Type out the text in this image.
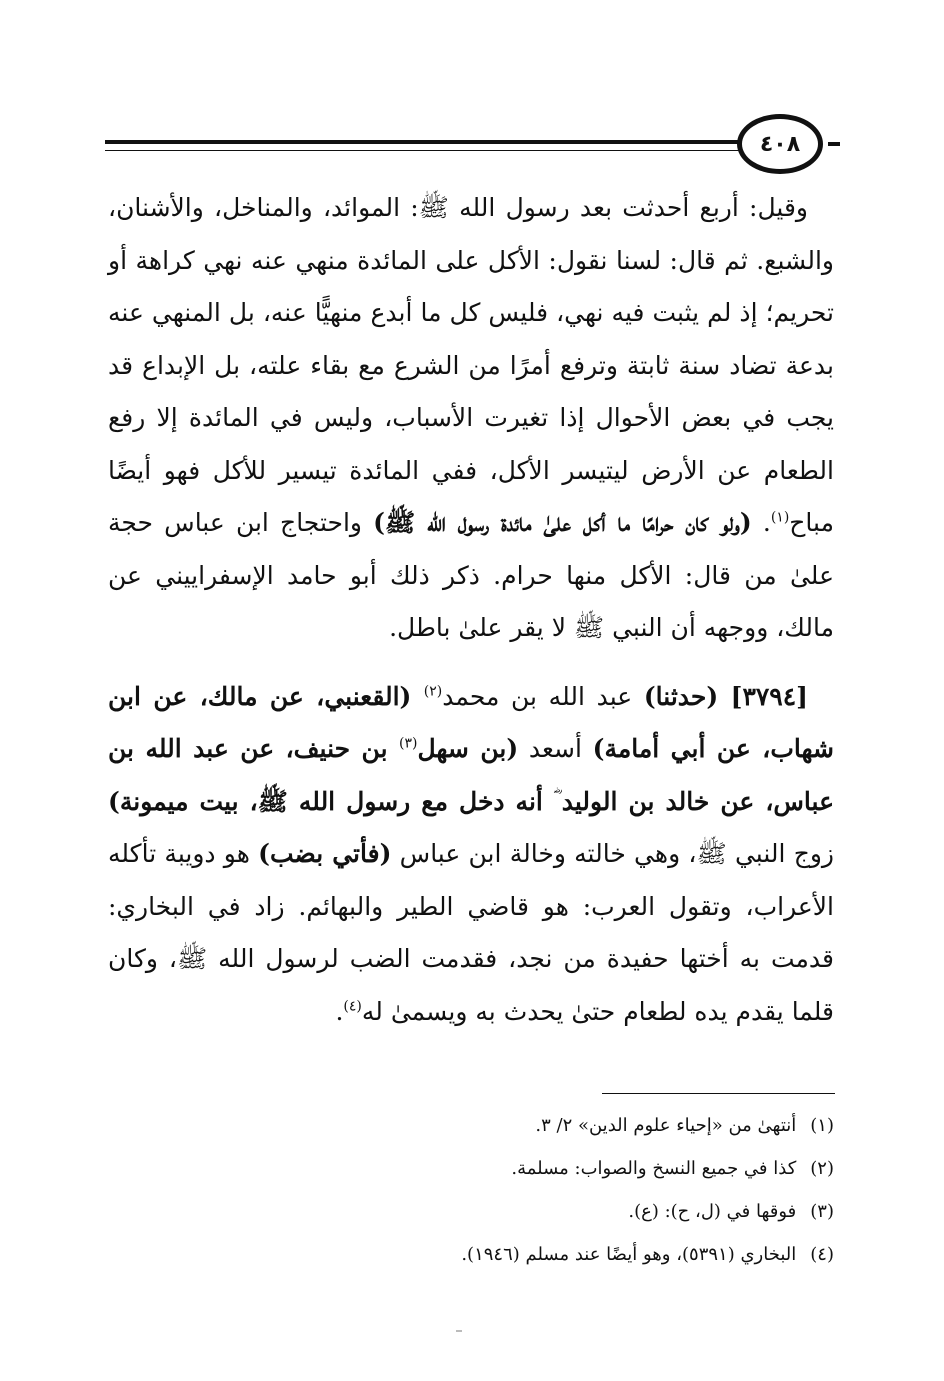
٤٠٨

وقيل: أربع أحدثت بعد رسول الله ﷺ: الموائد، والمناخل، والأشنان، والشبع. ثم قال: لسنا نقول: الأكل على المائدة منهي عنه نهي كراهة أو تحريم؛ إذ لم يثبت فيه نهي، فليس كل ما أبدع منهيًّا عنه، بل المنهي عنه بدعة تضاد سنة ثابتة وترفع أمرًا من الشرع مع بقاء علته، بل الإبداع قد يجب في بعض الأحوال إذا تغيرت الأسباب، وليس في المائدة إلا رفع الطعام عن الأرض ليتيسر الأكل، ففي المائدة تيسير للأكل فهو أيضًا مباح$^{(١)}$. (ولو كان حرامًا ما أكل علىٰ مائدة رسول الله ﷺ) واحتجاج ابن عباس حجة علىٰ من قال: الأكل منها حرام. ذكر ذلك أبو حامد الإسفراييني عن مالك، ووجهه أن النبي ﷺ لا يقر علىٰ باطل.

[٣٧٩٤] (حدثنا) عبد الله بن محمد$^{(٢)}$ (القعنبي، عن مالك، عن ابن شهاب، عن أبي أمامة) أسعد (بن سهل$^{(٣)}$ بن حنيف، عن عبد الله بن عباس، عن خالد بن الوليد ؓ أنه دخل مع رسول الله ﷺ، بيت ميمونة) زوج النبي ﷺ، وهي خالته وخالة ابن عباس (فأتي بضب) هو دويبة تأكله الأعراب، وتقول العرب: هو قاضي الطير والبهائم. زاد في البخاري: قدمت به أختها حفيدة من نجد، فقدمت الضب لرسول الله ﷺ، وكان قلما يقدم يده لطعام حتىٰ يحدث به ويسمىٰ له$^{(٤)}$.

(١)أنتهىٰ من «إحياء علوم الدين» ٢/ ٣.

(٢)كذا في جميع النسخ والصواب: مسلمة.

(٣)فوقها في (ل، ح): (ع).

(٤)البخاري (٥٣٩١)، وهو أيضًا عند مسلم (١٩٤٦).
